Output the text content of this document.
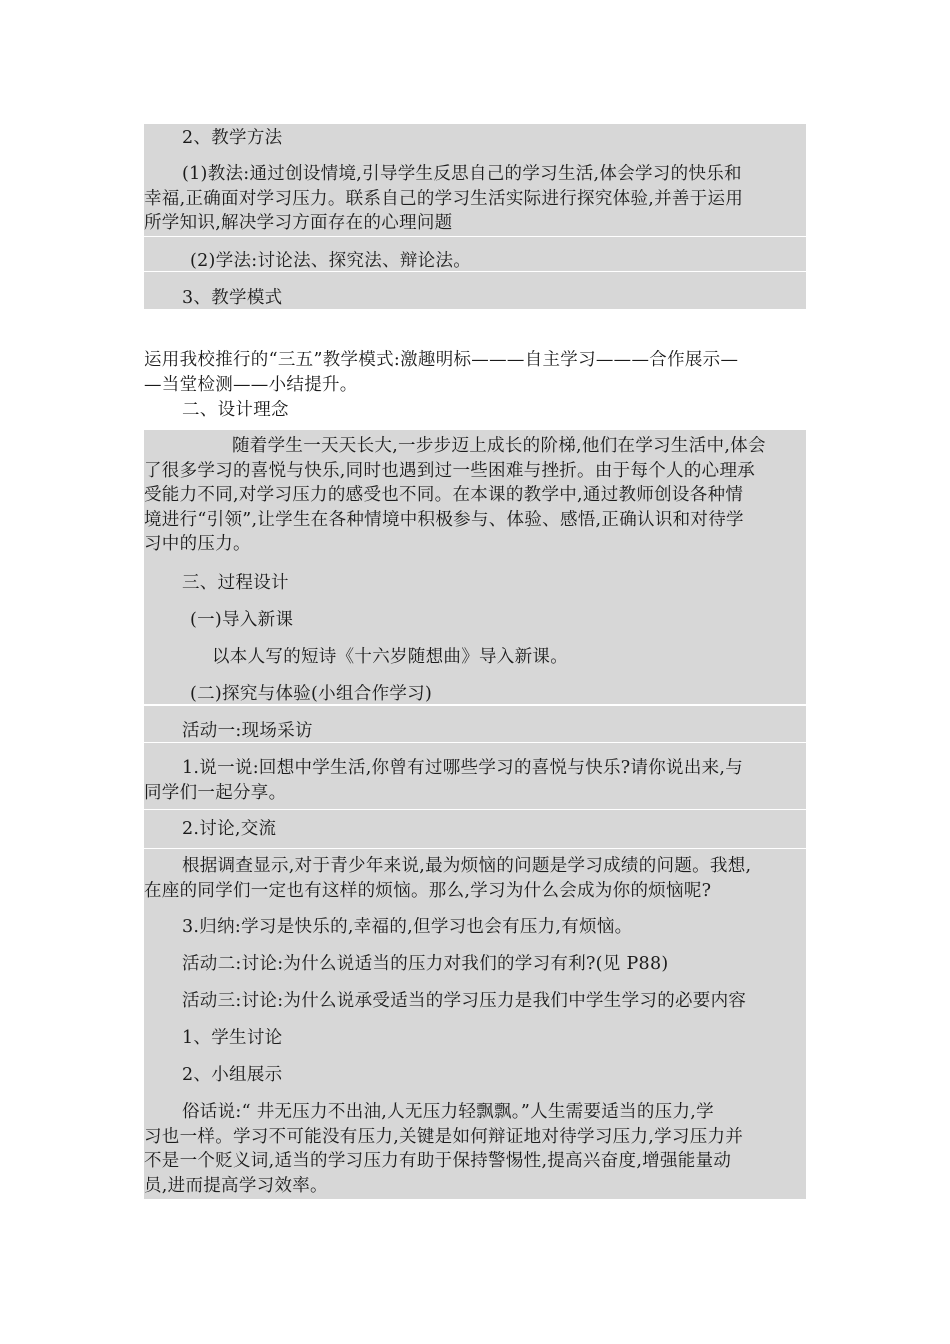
2、教学方法
(1)教法:通过创设情境,引导学生反思自己的学习生活,体会学习的快乐和
幸福,正确面对学习压力。联系自己的学习生活实际进行探究体验,并善于运用
所学知识,解决学习方面存在的心理问题
(2)学法:讨论法、探究法、辩论法。
3、教学模式
运用我校推行的“三五”教学模式:激趣明标———自主学习———合作展示—
—当堂检测——小结提升。
二、设计理念
随着学生一天天长大,一步步迈上成长的阶梯,他们在学习生活中,体会
了很多学习的喜悦与快乐,同时也遇到过一些困难与挫折。由于每个人的心理承
受能力不同,对学习压力的感受也不同。在本课的教学中,通过教师创设各种情
境进行“引领”,让学生在各种情境中积极参与、体验、感悟,正确认识和对待学
习中的压力。
三、过程设计
(一)导入新课
以本人写的短诗《十六岁随想曲》导入新课。
(二)探究与体验(小组合作学习)
活动一:现场采访
1.说一说:回想中学生活,你曾有过哪些学习的喜悦与快乐?请你说出来,与
同学们一起分享。
2.讨论,交流
根据调查显示,对于青少年来说,最为烦恼的问题是学习成绩的问题。我想,
在座的同学们一定也有这样的烦恼。那么,学习为什么会成为你的烦恼呢?
3.归纳:学习是快乐的,幸福的,但学习也会有压力,有烦恼。
活动二:讨论:为什么说适当的压力对我们的学习有利?(见 P88)
活动三:讨论:为什么说承受适当的学习压力是我们中学生学习的必要内容
1、学生讨论
2、小组展示
俗话说:“ 井无压力不出油,人无压力轻飘飘。”人生需要适当的压力,学
习也一样。学习不可能没有压力,关键是如何辩证地对待学习压力,学习压力并
不是一个贬义词,适当的学习压力有助于保持警惕性,提高兴奋度,增强能量动
员,进而提高学习效率。
